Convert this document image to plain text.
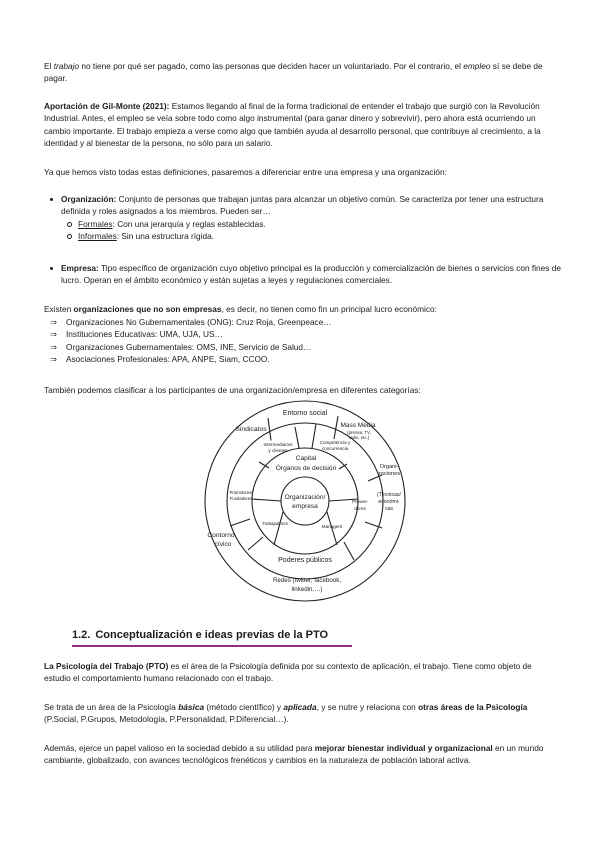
El trabajo no tiene por qué ser pagado, como las personas que deciden hacer un voluntariado. Por el contrario, el empleo sí se debe de pagar.

Aportación de Gil-Monte (2021): Estamos llegando al final de la forma tradicional de entender el trabajo que surgió con la Revolución Industrial. Antes, el empleo se veía sobre todo como algo instrumental (para ganar dinero y sobrevivir), pero ahora está ocurriendo un cambio importante. El trabajo empieza a verse como algo que también ayuda al desarrollo personal, que contribuye al crecimiento, a la identidad y al bienestar de la persona, no sólo para un salario.

Ya que hemos visto todas estas definiciones, pasaremos a diferenciar entre una empresa y una organización:

Organización: Conjunto de personas que trabajan juntas para alcanzar un objetivo común. Se caracteriza por tener una estructura definida y roles asignados a los miembros. Pueden ser…
Formales: Con una jerarquía y reglas establecidas.
Informales: Sin una estructura rígida.
Empresa: Tipo específico de organización cuyo objetivo principal es la producción y comercialización de bienes o servicios con fines de lucro. Operan en el ámbito económico y están sujetas a leyes y regulaciones comerciales.

Existen organizaciones que no son empresas, es decir, no tienen como fin un principal lucro económico:

⇒ Organizaciones No Gubernamentales (ONG): Cruz Roja, Greenpeace…
⇒ Instituciones Educativas: UMA, UJA, US…
⇒ Organizaciones Gubernamentales: OMS, INE, Servicio de Salud…
⇒ Asociaciones Profesionales: APA, ANPE, Siam, CCOO.

También podemos clasificar a los participantes de una organización/empresa en diferentes categorías:

Entorno social
Sindicatos
Mass Media
(prensa, TV,
radio, etc.)
Intermediarios
y clientes
Competencia y
concurrencia
Capital
Órganos de decisión
Organización/
empresa
Organi-
zaciones
(Técnicas/
económi-
cas
Promotores/
Fundadores
Provee-
dores
Trabajadores
Managers
Contorno
cívico
Poderes públicos
Redes (twitter, facebook,
linkedin,…)
1.2. Conceptualización e ideas previas de la PTO

La Psicología del Trabajo (PTO) es el área de la Psicología definida por su contexto de aplicación, el trabajo. Tiene como objeto de estudio el comportamiento humano relacionado con el trabajo.

Se trata de un área de la Psicología básica (método científico) y aplicada, y se nutre y relaciona con otras áreas de la Psicología (P.Social, P.Grupos, Metodología, P.Personalidad, P.Diferencial…).

Además, ejerce un papel valioso en la sociedad debido a su utilidad para mejorar bienestar individual y organizacional en un mundo cambiante, globalizado, con avances tecnológicos frenéticos y cambios en la naturaleza de población laboral activa.
